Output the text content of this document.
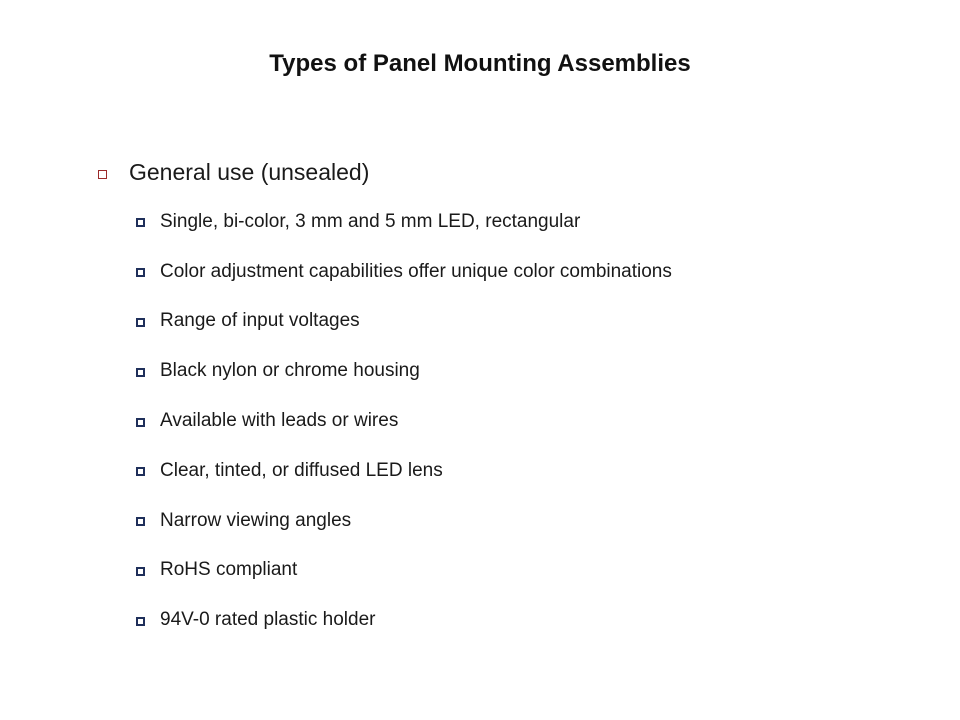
Types of Panel Mounting Assemblies
General use (unsealed)
Single, bi-color, 3 mm and 5 mm LED, rectangular
Color adjustment capabilities offer unique color combinations
Range of input voltages
Black nylon or chrome housing
Available with leads or wires
Clear, tinted, or diffused LED lens
Narrow viewing angles
RoHS compliant
94V-0 rated plastic holder
